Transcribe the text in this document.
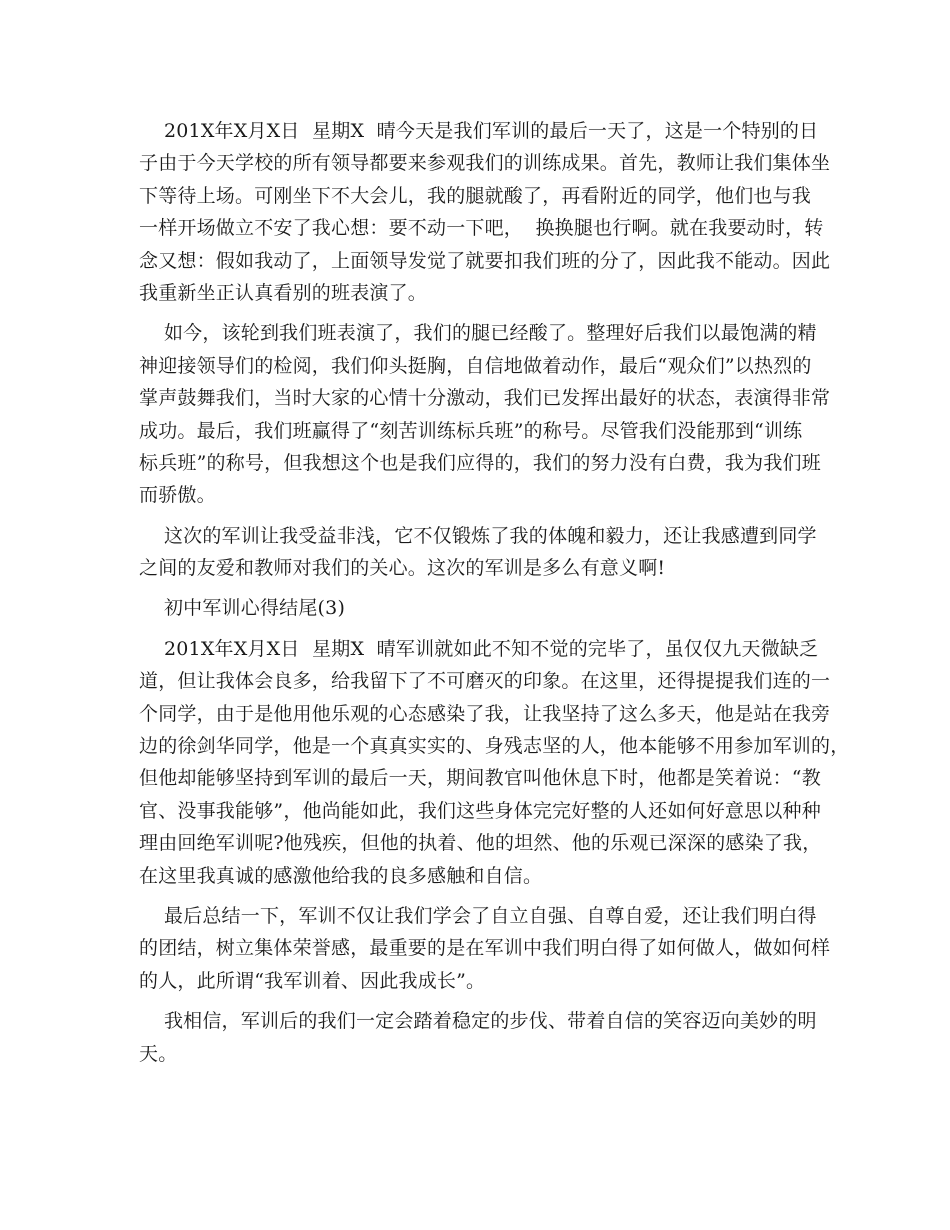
201X年X月X日  星期X  晴今天是我们军训的最后一天了，这是一个特别的日
子由于今天学校的所有领导都要来参观我们的训练成果。首先，教师让我们集体坐
下等待上场。可刚坐下不大会儿，我的腿就酸了，再看附近的同学，他们也与我
一样开场做立不安了我心想：要不动一下吧，  换换腿也行啊。就在我要动时，转
念又想：假如我动了，上面领导发觉了就要扣我们班的分了，因此我不能动。因此
我重新坐正认真看别的班表演了。
如今，该轮到我们班表演了，我们的腿已经酸了。整理好后我们以最饱满的精
神迎接领导们的检阅，我们仰头挺胸，自信地做着动作，最后“观众们”以热烈的
掌声鼓舞我们，当时大家的心情十分激动，我们已发挥出最好的状态，表演得非常
成功。最后，我们班赢得了“刻苦训练标兵班”的称号。尽管我们没能那到“训练
标兵班”的称号，但我想这个也是我们应得的，我们的努力没有白费，我为我们班
而骄傲。
这次的军训让我受益非浅，它不仅锻炼了我的体魄和毅力，还让我感遭到同学
之间的友爱和教师对我们的关心。这次的军训是多么有意义啊!
初中军训心得结尾(3)
201X年X月X日  星期X  晴军训就如此不知不觉的完毕了，虽仅仅九天微缺乏
道，但让我体会良多，给我留下了不可磨灭的印象。在这里，还得提提我们连的一
个同学，由于是他用他乐观的心态感染了我，让我坚持了这么多天，他是站在我旁
边的徐剑华同学，他是一个真真实实的、身残志坚的人，他本能够不用参加军训的，
但他却能够坚持到军训的最后一天，期间教官叫他休息下时，他都是笑着说：“教
官、没事我能够”，他尚能如此，我们这些身体完完好整的人还如何好意思以种种
理由回绝军训呢?他残疾，但他的执着、他的坦然、他的乐观已深深的感染了我，
在这里我真诚的感激他给我的良多感触和自信。
最后总结一下，军训不仅让我们学会了自立自强、自尊自爱，还让我们明白得
的团结，树立集体荣誉感，最重要的是在军训中我们明白得了如何做人，做如何样
的人，此所谓“我军训着、因此我成长”。
我相信，军训后的我们一定会踏着稳定的步伐、带着自信的笑容迈向美妙的明
天。
